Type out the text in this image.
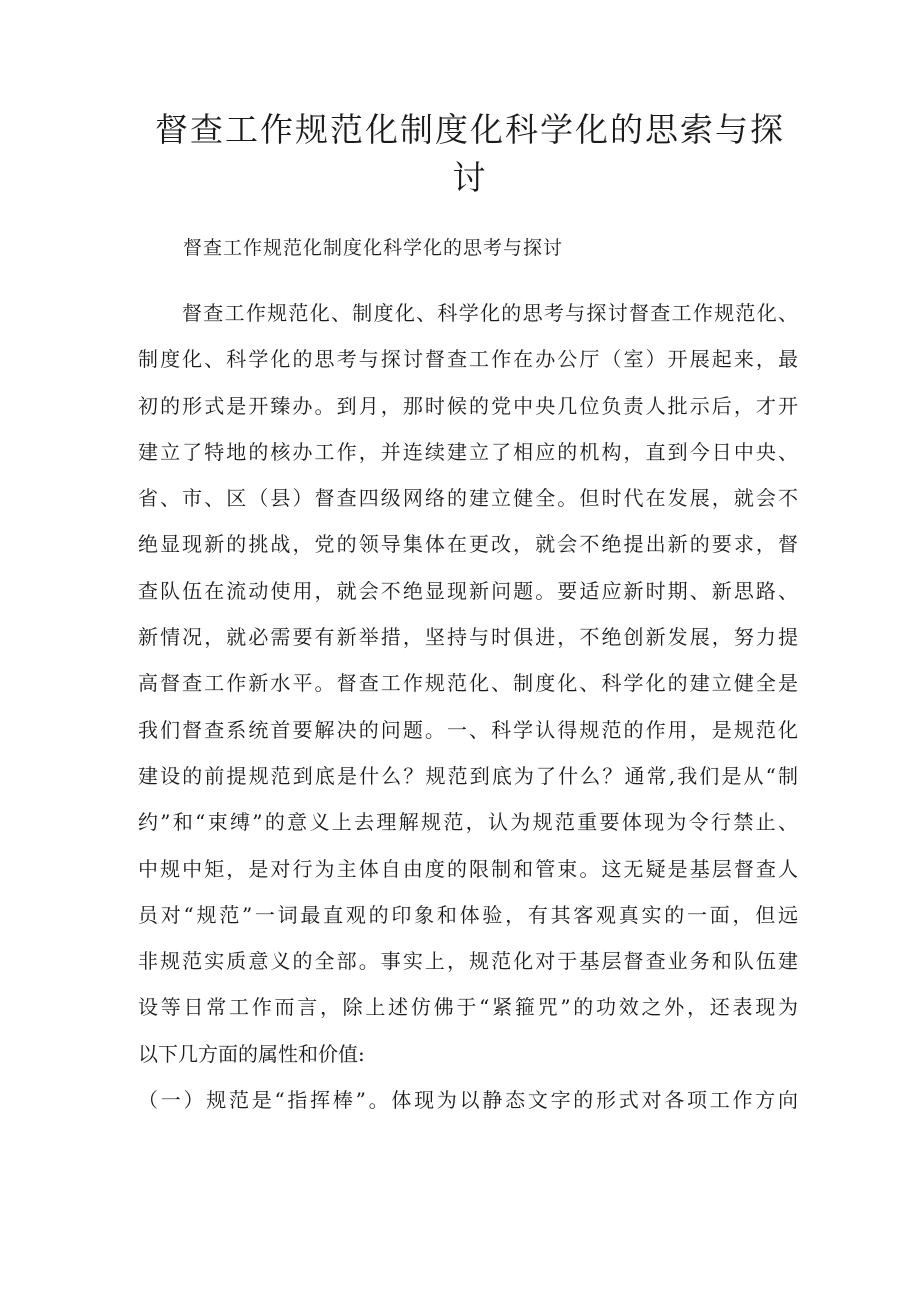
督查工作规范化制度化科学化的思索与探讨

督查工作规范化制度化科学化的思考与探讨

督查工作规范化、制度化、科学化的思考与探讨督查工作规范化、
制度化、科学化的思考与探讨督查工作在办公厅（室）开展起来，最
初的形式是开臻办。到月，那时候的党中央几位负责人批示后，才开
建立了特地的核办工作，并连续建立了相应的机构，直到今日中央、
省、市、区（县）督查四级网络的建立健全。但时代在发展，就会不
绝显现新的挑战，党的领导集体在更改，就会不绝提出新的要求，督
查队伍在流动使用，就会不绝显现新问题。要适应新时期、新思路、
新情况，就必需要有新举措，坚持与时俱进，不绝创新发展，努力提
高督查工作新水平。督查工作规范化、制度化、科学化的建立健全是
我们督查系统首要解决的问题。一、科学认得规范的作用，是规范化
建设的前提规范到底是什么？规范到底为了什么？通常,我们是从“制
约”和“束缚”的意义上去理解规范，认为规范重要体现为令行禁止、
中规中矩，是对行为主体自由度的限制和管束。这无疑是基层督查人
员对“规范”一词最直观的印象和体验，有其客观真实的一面，但远
非规范实质意义的全部。事实上，规范化对于基层督查业务和队伍建
设等日常工作而言，除上述仿佛于“紧箍咒”的功效之外，还表现为
以下几方面的属性和价值:
（一）规范是“指挥棒”。体现为以静态文字的形式对各项工作方向
